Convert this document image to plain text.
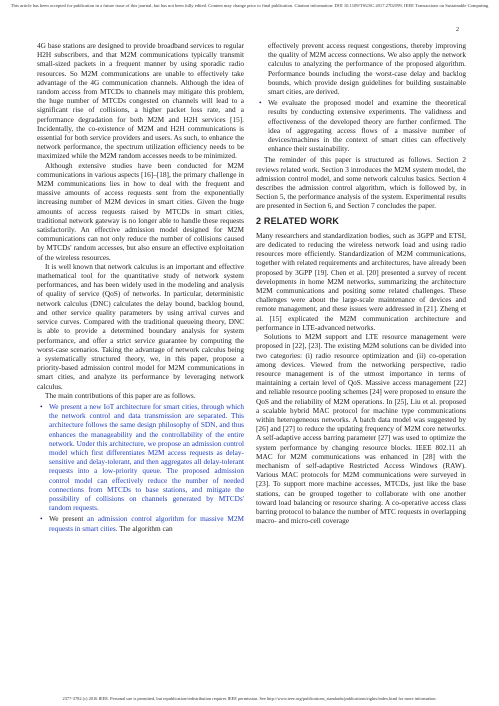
This article has been accepted for publication in a future issue of this journal, but has not been fully edited. Content may change prior to final publication. Citation information: DOI 10.1109/TSUSC.2017.2702599, IEEE Transactions on Sustainable Computing
2

4G base stations are designed to provide broadband services to regular H2H subscribers, and that M2M communications typically transmit small-sized packets in a frequent manner by using sporadic radio resources. So M2M communications are unable to effectively take advantage of the 4G communication channels. Although the idea of random access from MTCDs to channels may mitigate this problem, the huge number of MTCDs congested on channels will lead to a significant rise of collisions, a higher packet loss rate, and a performance degradation for both M2M and H2H services [15]. Incidentally, the co-existence of M2M and H2H communications is essential for both service providers and users. As such, to enhance the network performance, the spectrum utilization efficiency needs to be maximized while the M2M random accesses needs to be minimized.

Although extensive studies have been conducted for M2M communications in various aspects [16]–[18], the primary challenge in M2M communications lies in how to deal with the frequent and massive amounts of access requests sent from the exponentially increasing number of M2M devices in smart cities. Given the huge amounts of access requests raised by MTCDs in smart cities, traditional network gateway is no longer able to handle these requests satisfactorily. An effective admission model designed for M2M communications can not only reduce the number of collisions caused by MTCDs' random accesses, but also ensure an effective exploitation of the wireless resources.

It is well known that network calculus is an important and effective mathematical tool for the quantitative study of network system performances, and has been widely used in the modeling and analysis of quality of service (QoS) of networks. In particular, deterministic network calculus (DNC) calculates the delay bound, backlog bound, and other service quality parameters by using arrival curves and service curves. Compared with the traditional queueing theory, DNC is able to provide a determined boundary analysis for system performance, and offer a strict service guarantee by computing the worst-case scenarios. Taking the advantage of network calculus being a systematically structured theory, we, in this paper, propose a priority-based admission control model for M2M communications in smart cities, and analyze its performance by leveraging network calculus.

The main contributions of this paper are as follows.

• We present a new IoT architecture for smart cities, through which the network control and data transmission are separated. This architecture follows the same design philosophy of SDN, and thus enhances the manageability and the controllability of the entire network. Under this architecture, we propose an admission control model which first differentiates M2M access requests as delay-sensitive and delay-tolerant, and then aggregates all delay-tolerant requests into a low-priority queue. The proposed admission control model can effectively reduce the number of needed connections from MTCDs to base stations, and mitigate the possibility of collisions on channels generated by MTCDs' random requests.
• We present an admission control algorithm for massive M2M requests in smart cities. The algorithm can

effectively prevent access request congestions, thereby improving the quality of M2M access connections. We also apply the network calculus to analyzing the performance of the proposed algorithm. Performance bounds including the worst-case delay and backlog bounds, which provide design guidelines for building sustainable smart cities, are derived.

• We evaluate the proposed model and examine the theoretical results by conducting extensive experiments. The validness and effectiveness of the developed theory are further confirmed. The idea of aggregating access flows of a massive number of devices/machines in the context of smart cities can effectively enhance their sustainability.

The reminder of this paper is structured as follows. Section 2 reviews related work. Section 3 introduces the M2M system model, the admission control model, and some network calculus basics. Section 4 describes the admission control algorithm, which is followed by, in Section 5, the performance analysis of the system. Experimental results are presented in Section 6, and Section 7 concludes the paper.

2 RELATED WORK

Many researchers and standardization bodies, such as 3GPP and ETSI, are dedicated to reducing the wireless network load and using radio resources more efficiently. Standardization of M2M communications, together with related requirements and architectures, have already been proposed by 3GPP [19]. Chen et al. [20] presented a survey of recent developments in home M2M networks, summarizing the architecture M2M communications and positing some related challenges. These challenges were about the large-scale maintenance of devices and remote management, and these issues were addressed in [21]. Zheng et al. [15] explicated the M2M communication architecture and performance in LTE-advanced networks.

Solutions to M2M support and LTE resource management were proposed in [22], [23]. The existing M2M solutions can be divided into two categories: (i) radio resource optimization and (ii) co-operation among devices. Viewed from the networking perspective, radio resource management is of the utmost importance in terms of maintaining a certain level of QoS. Massive access management [22] and reliable resource pooling schemes [24] were proposed to ensure the QoS and the reliability of M2M operations. In [25], Liu et al. proposed a scalable hybrid MAC protocol for machine type communications within heterogeneous networks. A batch data model was suggested by [26] and [27] to reduce the updating frequency of M2M core networks. A self-adaptive access barring parameter [27] was used to optimize the system performance by changing resource blocks. IEEE 802.11 ah MAC for M2M communications was enhanced in [28] with the mechanism of self-adaptive Restricted Access Windows (RAW). Various MAC protocols for M2M communications were surveyed in [23]. To support more machine accesses, MTCDs, just like the base stations, can be grouped together to collaborate with one another toward load balancing or resource sharing. A co-operative access class barring protocol to balance the number of MTC requests in overlapping macro- and micro-cell coverage

2377-3782 (c) 2016 IEEE. Personal use is permitted, but republication/redistribution requires IEEE permission. See http://www.ieee.org/publications_standards/publications/rights/index.html for more information.
